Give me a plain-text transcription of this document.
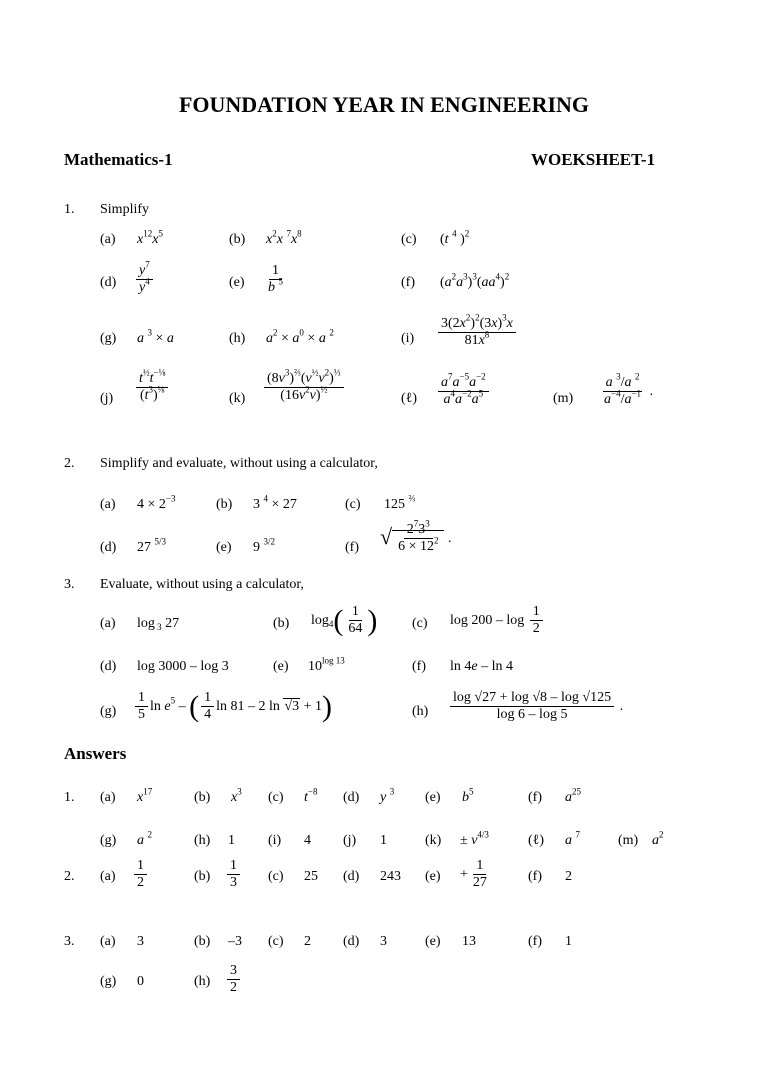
FOUNDATION YEAR IN ENGINEERING
Mathematics-1	WOEKSHEET-1
1. Simplify
(a) $x^{12}x^5$	(b) $x^2x$ $^7x^8$	(c) (t $^4$ )$^2$
$(d) \frac{y^7}{y^4}$	$(e) \frac{1}{b ^5}$	(f) $(a^2a^3)^3(aa^4)^2$
(g) a $^3$ × a	(h) $a^2 \times a^0 \times a$ $^2$	$(i) \frac{3(2x^2)^2(3x)^3x}{81x^8}$
$(j) \frac{t^{\frac{1}{2}}t^{-\frac{1}{8}}}{(t^3)^{\frac{1}{8}}}$	$(k) \frac{(8v^3)^{\frac{2}{3}}(v^{\frac{1}{2}}v^2)^{\frac{1}{3}}}{(16v^2v)^{\frac{1}{2}}}$	(ℓ) $\frac{a^7a^{-5}a^{-2}}{a^4a^{-2}a^5}$	$(m) \frac{a ^3/a ^2}{a^{-4}/a^{-1}}$ .
2. Simplify and evaluate, without using a calculator,
(a) $4 \times 2^{-3}$	(b) 3 $^4$ × 27	(c) 125 $^{\frac{2}{3}}$
(d) 27 $^{5/3}$	(e) 9 $^{3/2}$	(f) √ $\frac{2^73^3}{6 \times 12^2}$ .
3. Evaluate, without using a calculator,
(a) log $_3$ 27	(b) $\log_4( \frac{1}{64}$ ) (c) $\log 200 - \log \frac{1}{2}$
(d) log 3000 – log 3	(e) $10^{log 13}$	(f) ln 4e – ln 4
$(g) \frac{1}{5}$ $\ln e^5$ – ( $\frac{1}{4}$ ln 81 – 2 ln √3 + 1)	$(h) \frac{\log √27 + \log √8 - \log √125}{\log 6 - \log 5}$ .
Answers
1. (a) $x^{17}$	(b) $x^3$ (c) $t^{-8}$ (d) y $^3$ (e) $b^5$	(f) $a^{25}$
(g) a $^2$	(h) 1 (i) 4 (j) 1	$(k) \pm v^{4/3}$	(ℓ) a $^7$	(m) $a^2$
2. $(a) \frac{1}{2}$	$(b) \frac{1}{3} (c)$ 25 (d) 243 $(e) + \frac{1}{27}$	(f) 2
3. (a) 3	(b) –3 (c) 2 (d) 3	(e) 13	(f) 1
(g) 0	$(h) \frac{3}{2}$
